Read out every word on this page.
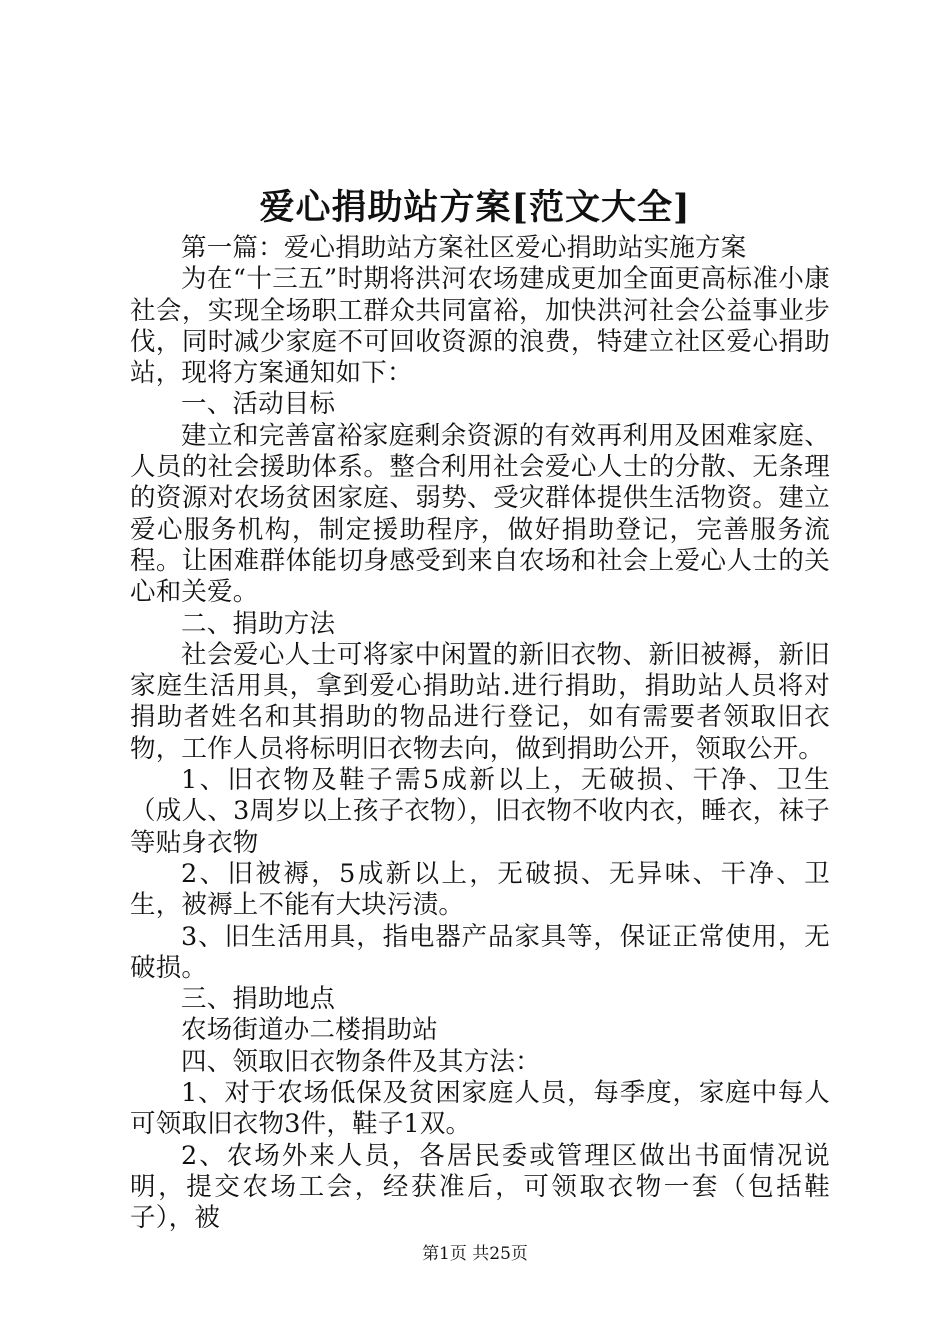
爱心捐助站方案[范文大全]

第一篇：爱心捐助站方案社区爱心捐助站实施方案

为在“十三五”时期将洪河农场建成更加全面更高标准小康社会，实现全场职工群众共同富裕，加快洪河社会公益事业步伐，同时减少家庭不可回收资源的浪费，特建立社区爱心捐助站，现将方案通知如下：

一、活动目标

建立和完善富裕家庭剩余资源的有效再利用及困难家庭、人员的社会援助体系。整合利用社会爱心人士的分散、无条理的资源对农场贫困家庭、弱势、受灾群体提供生活物资。建立爱心服务机构，制定援助程序，做好捐助登记，完善服务流程。让困难群体能切身感受到来自农场和社会上爱心人士的关心和关爱。

二、捐助方法

社会爱心人士可将家中闲置的新旧衣物、新旧被褥，新旧家庭生活用具，拿到爱心捐助站.进行捐助，捐助站人员将对捐助者姓名和其捐助的物品进行登记，如有需要者领取旧衣物，工作人员将标明旧衣物去向，做到捐助公开，领取公开。

1、旧衣物及鞋子需5成新以上，无破损、干净、卫生（成人、3周岁以上孩子衣物），旧衣物不收内衣，睡衣，袜子等贴身衣物

2、旧被褥，5成新以上，无破损、无异味、干净、卫生，被褥上不能有大块污渍。

3、旧生活用具，指电器产品家具等，保证正常使用，无破损。

三、捐助地点

农场街道办二楼捐助站

四、领取旧衣物条件及其方法：

1、对于农场低保及贫困家庭人员，每季度，家庭中每人可领取旧衣物3件，鞋子1双。

2、农场外来人员，各居民委或管理区做出书面情况说明，提交农场工会，经获准后，可领取衣物一套（包括鞋子），被

第1页 共25页
